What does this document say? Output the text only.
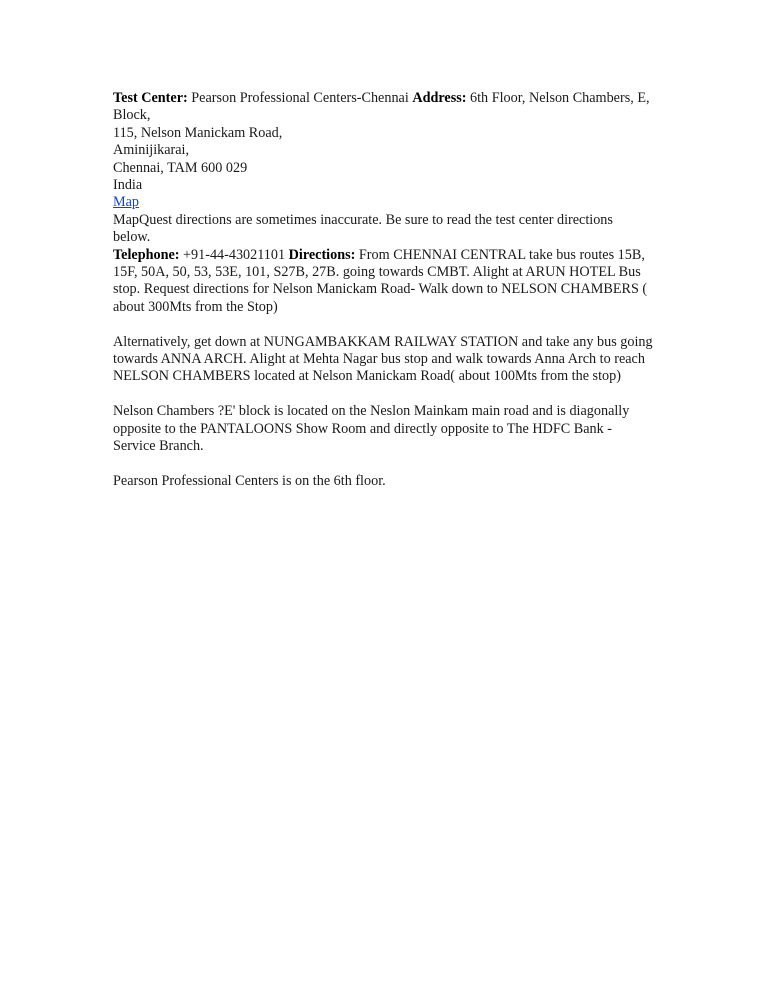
Test Center: Pearson Professional Centers-Chennai Address: 6th Floor, Nelson Chambers, E, Block,
115, Nelson Manickam Road,
Aminijikarai,
Chennai, TAM 600 029
India
Map
MapQuest directions are sometimes inaccurate. Be sure to read the test center directions below.
Telephone: +91-44-43021101 Directions: From CHENNAI CENTRAL take bus routes 15B, 15F, 50A, 50, 53, 53E, 101, S27B, 27B. going towards CMBT. Alight at ARUN HOTEL Bus stop. Request directions for Nelson Manickam Road- Walk down to NELSON CHAMBERS ( about 300Mts from the Stop)

Alternatively, get down at NUNGAMBAKKAM RAILWAY STATION and take any bus going towards ANNA ARCH. Alight at Mehta Nagar bus stop and walk towards Anna Arch to reach NELSON CHAMBERS located at Nelson Manickam Road( about 100Mts from the stop)

Nelson Chambers ?E' block is located on the Neslon Mainkam main road and is diagonally opposite to the PANTALOONS Show Room and directly opposite to The HDFC Bank - Service Branch.

Pearson Professional Centers is on the 6th floor.
